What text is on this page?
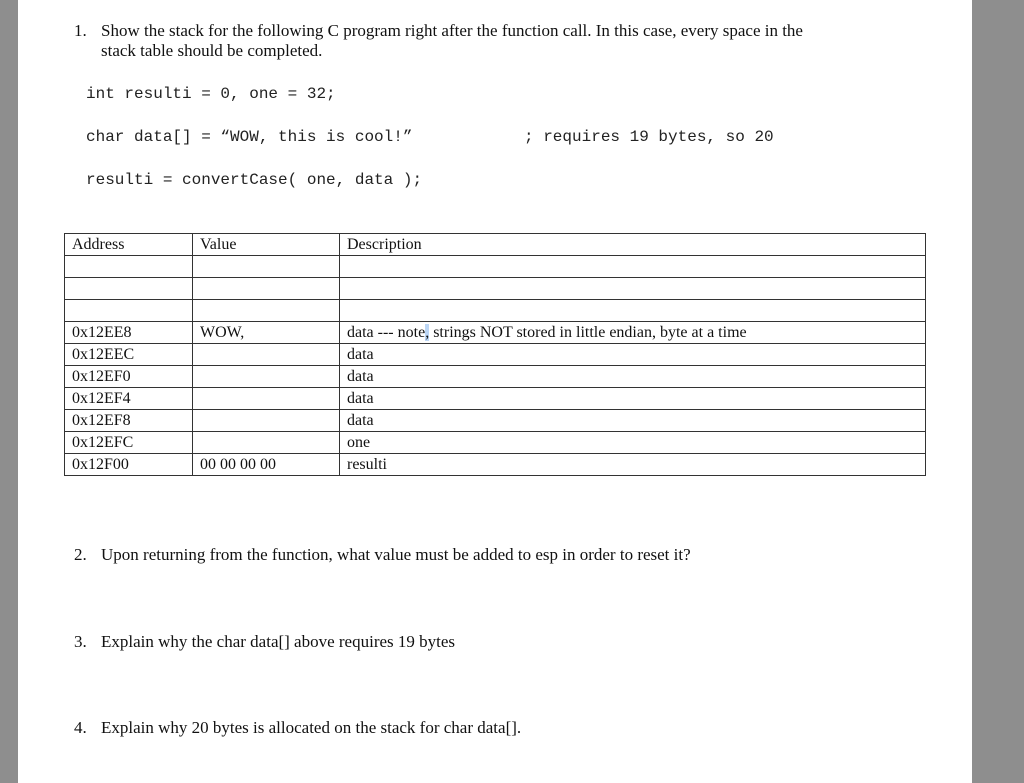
1. Show the stack for the following C program right after the function call. In this case, every space in the
stack table should be completed.
int resulti = 0, one = 32;
char data[] = “WOW, this is cool!”	; requires 19 bytes, so 20
resulti = convertCase( one, data );
Address	Value	Description

0x12EE8	WOW,	data --- note, strings NOT stored in little endian, byte at a time
0x12EEC		data
0x12EF0		data
0x12EF4		data
0x12EF8		data
0x12EFC		one
0x12F00	00 00 00 00	resulti
2. Upon returning from the function, what value must be added to esp in order to reset it?
3. Explain why the char data[] above requires 19 bytes
4. Explain why 20 bytes is allocated on the stack for char data[].
